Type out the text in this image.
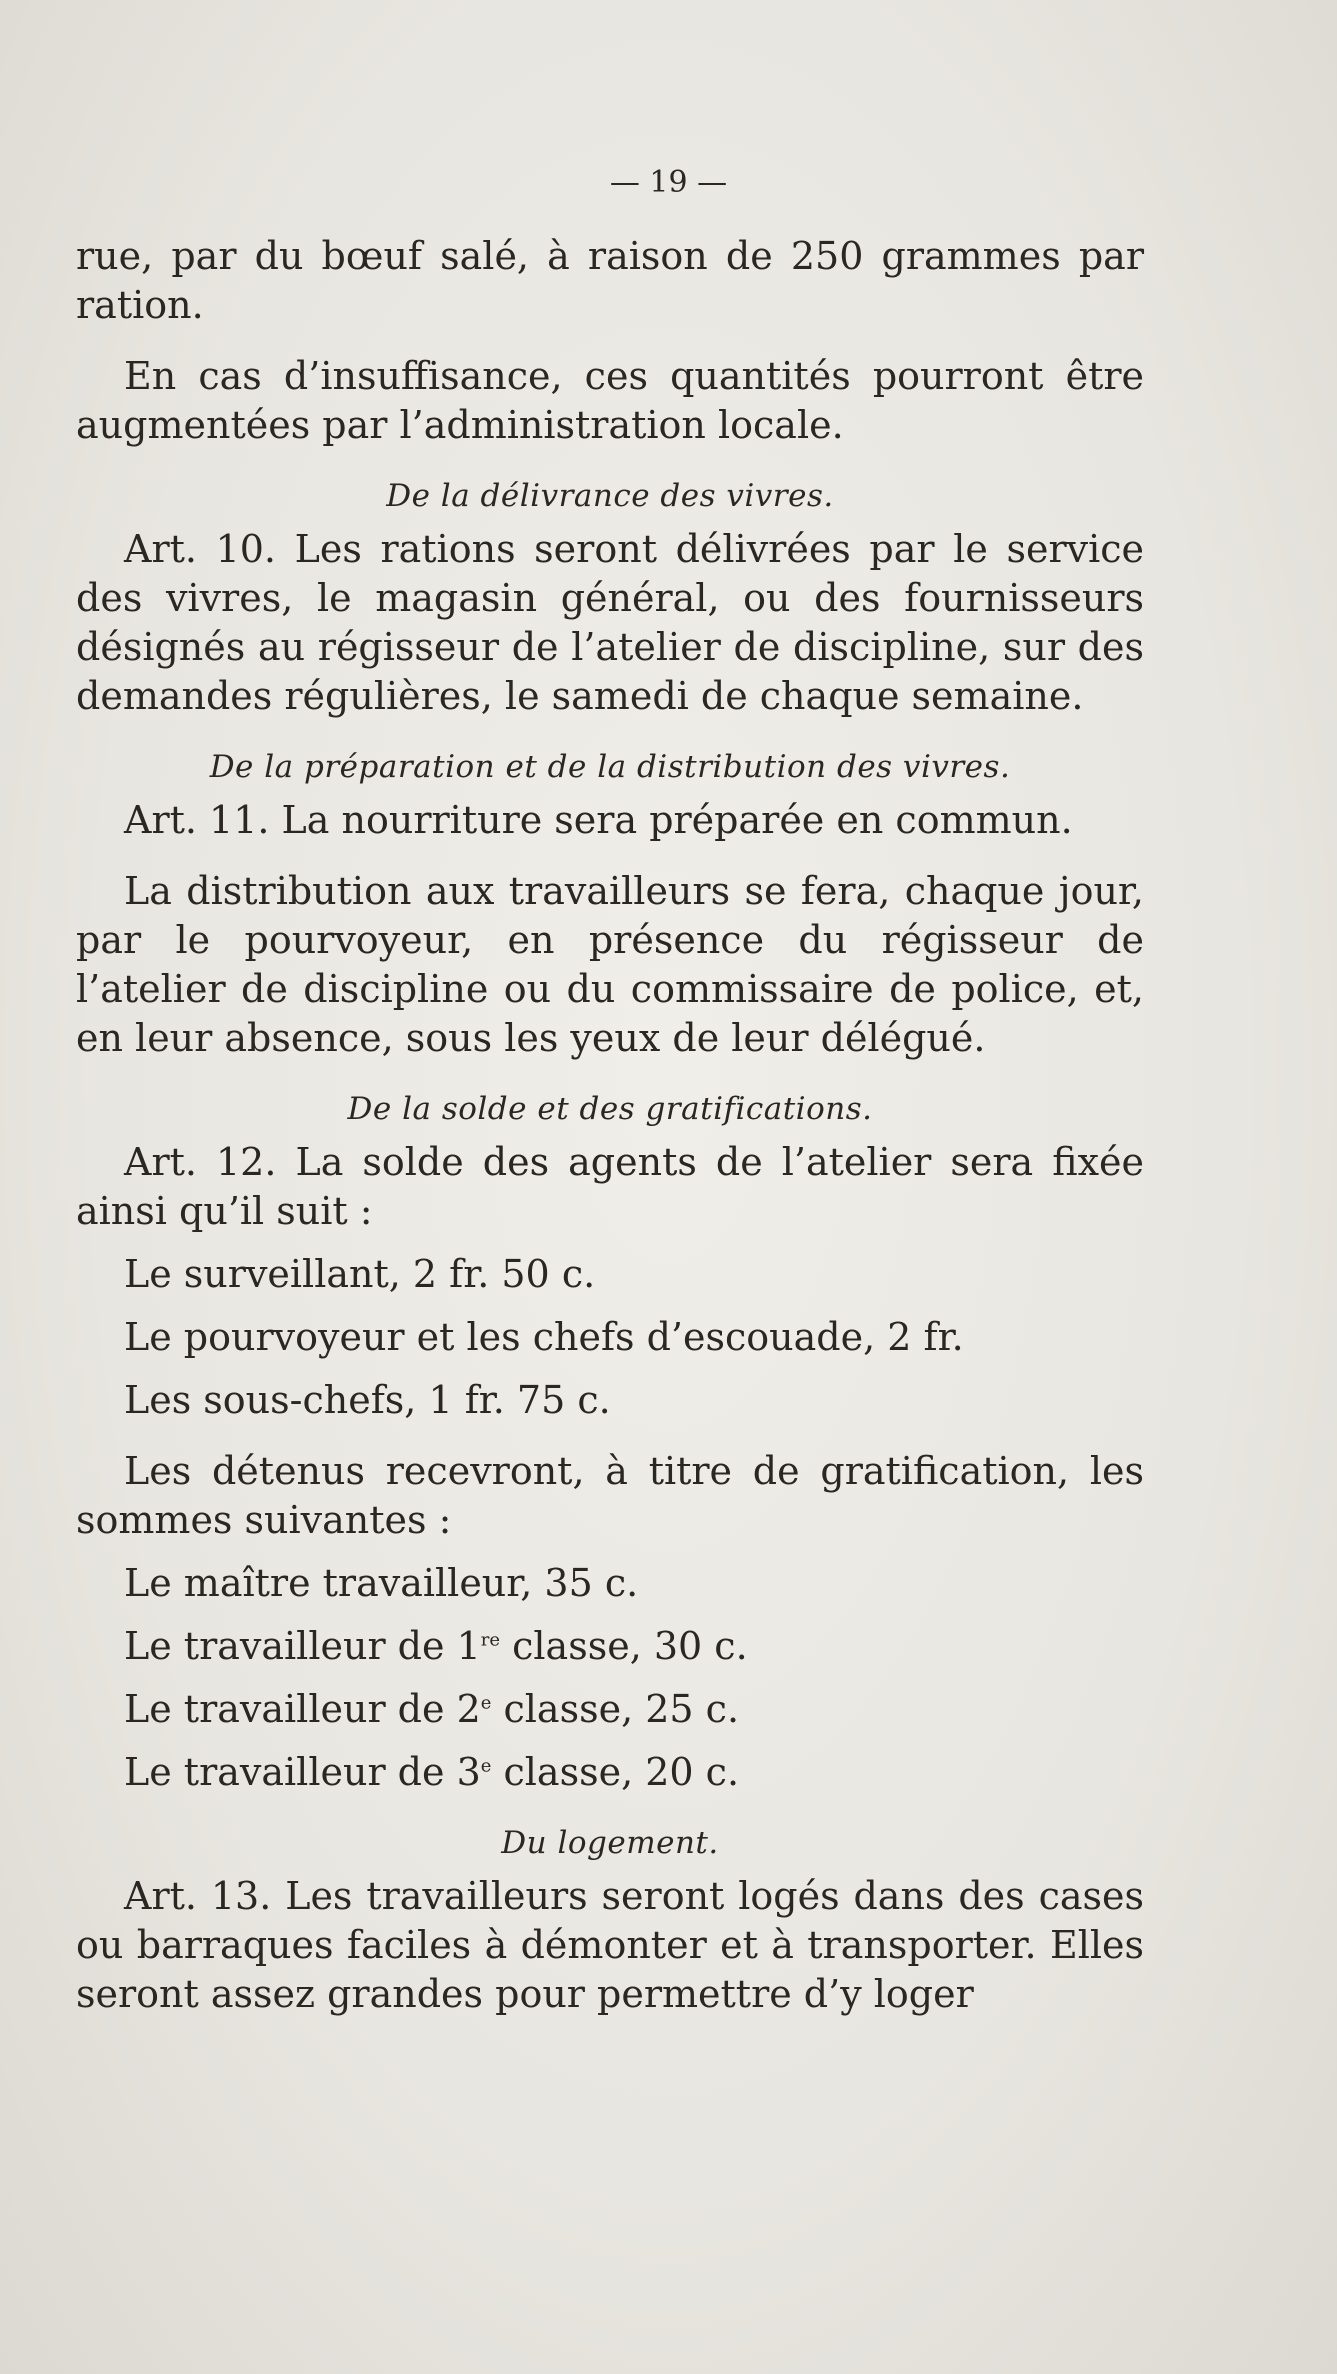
— 19 —

rue, par du bœuf salé, à raison de 250 grammes par ration.

En cas d’insuffisance, ces quantités pourront être augmentées par l’administration locale.

De la délivrance des vivres.

Art. 10. Les rations seront délivrées par le service des vivres, le magasin général, ou des fournisseurs désignés au régisseur de l’atelier de discipline, sur des demandes régulières, le samedi de chaque semaine.

De la préparation et de la distribution des vivres.

Art. 11. La nourriture sera préparée en commun.

La distribution aux travailleurs se fera, chaque jour, par le pourvoyeur, en présence du régisseur de l’atelier de discipline ou du commissaire de police, et, en leur absence, sous les yeux de leur délégué.

De la solde et des gratifications.

Art. 12. La solde des agents de l’atelier sera fixée ainsi qu’il suit :

Le surveillant, 2 fr. 50 c.

Le pourvoyeur et les chefs d’escouade, 2 fr.

Les sous-chefs, 1 fr. 75 c.

Les détenus recevront, à titre de gratification, les sommes suivantes :

Le maître travailleur, 35 c.

Le travailleur de 1re classe, 30 c.

Le travailleur de 2e classe, 25 c.

Le travailleur de 3e classe, 20 c.

Du logement.

Art. 13. Les travailleurs seront logés dans des cases ou barraques faciles à démonter et à transporter. Elles seront assez grandes pour permettre d’y loger
